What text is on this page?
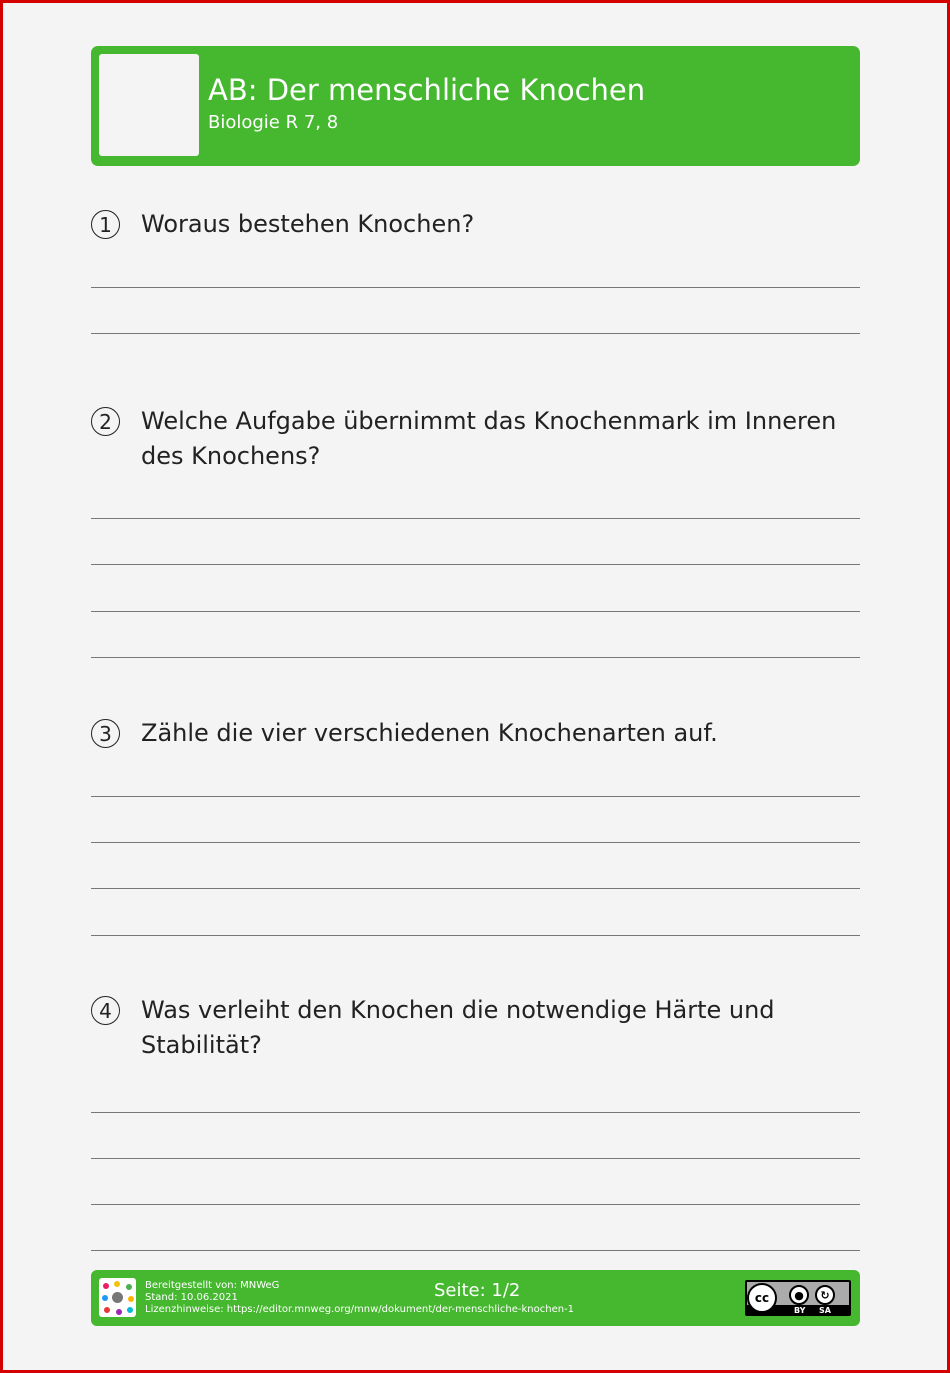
AB: Der menschliche Knochen
Biologie R 7, 8
1	Woraus bestehen Knochen?
2	Welche Aufgabe übernimmt das Knochenmark im Inneren des Knochens?
3	Zähle die vier verschiedenen Knochenarten auf.
4	Was verleiht den Knochen die notwendige Härte und Stabilität?
Bereitgestellt von: MNWeG
Stand: 10.06.2021
Lizenzhinweise: https://editor.mnweg.org/mnw/dokument/der-menschliche-knochen-1
Seite: 1/2	cc	●	↻
BY SA
